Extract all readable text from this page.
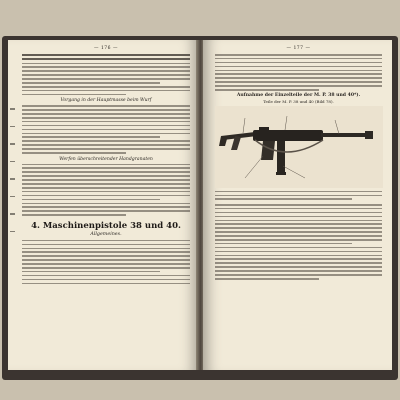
— 176 —
Vorgang in der Hauptmasse beim Wurf
Werfen überschreitender Handgranaten
4. Maschinenpistole 38 und 40.
Allgemeines.
— 177 —
Aufnahme der Einzelteile der M. P. 38 und 40*).
Teile der M. P. 38 und 40 (Bild 78).
